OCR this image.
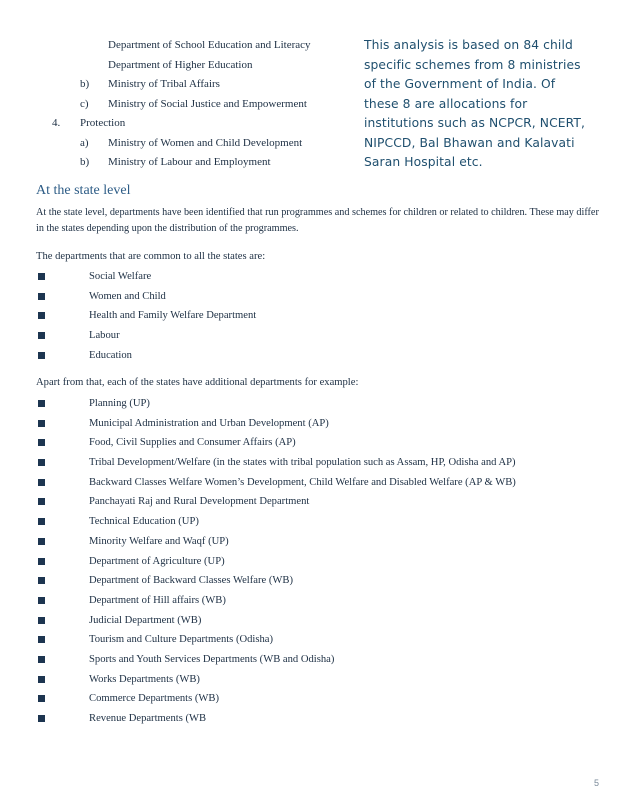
Department of School Education and Literacy
Department of Higher Education
b) Ministry of Tribal Affairs
c) Ministry of Social Justice and Empowerment
4. Protection
a) Ministry of Women and Child Development
b) Ministry of Labour and Employment
This analysis is based on 84 child specific schemes from 8 ministries of the Government of India. Of these 8 are allocations for institutions such as NCPCR, NCERT, NIPCCD, Bal Bhawan and Kalavati Saran Hospital etc.
At the state level
At the state level, departments have been identified that run programmes and schemes for children or related to children. These may differ in the states depending upon the distribution of the programmes.
The departments that are common to all the states are:
Social Welfare
Women and Child
Health and Family Welfare Department
Labour
Education
Apart from that, each of the states have additional departments for example:
Planning (UP)
Municipal Administration and Urban Development (AP)
Food, Civil Supplies and Consumer Affairs (AP)
Tribal Development/Welfare (in the states with tribal population such as Assam, HP, Odisha and AP)
Backward Classes Welfare Women’s Development, Child Welfare and Disabled Welfare (AP & WB)
Panchayati Raj and Rural Development Department
Technical Education (UP)
Minority Welfare and Waqf (UP)
Department of Agriculture (UP)
Department of Backward Classes Welfare (WB)
Department of Hill affairs (WB)
Judicial Department (WB)
Tourism and Culture Departments (Odisha)
Sports and Youth Services Departments (WB and Odisha)
Works Departments (WB)
Commerce Departments (WB)
Revenue Departments (WB
5
